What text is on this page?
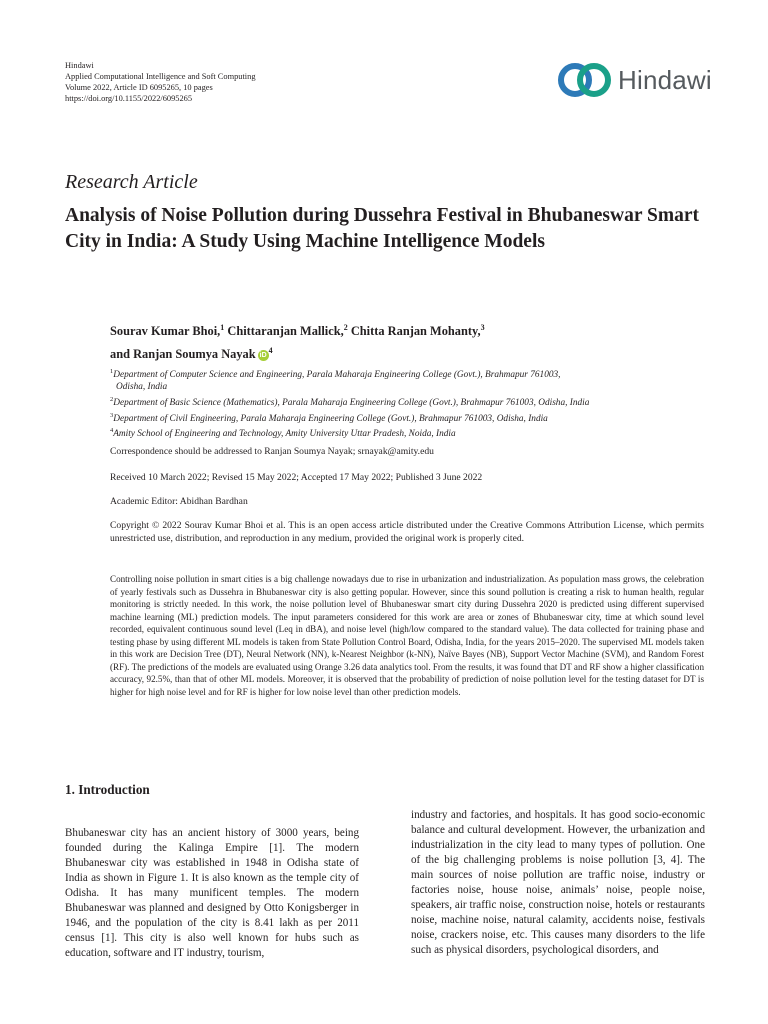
Hindawi
Applied Computational Intelligence and Soft Computing
Volume 2022, Article ID 6095265, 10 pages
https://doi.org/10.1155/2022/6095265
Hindawi
Research Article
Analysis of Noise Pollution during Dussehra Festival in Bhubaneswar Smart City in India: A Study Using Machine Intelligence Models
Sourav Kumar Bhoi,$^1$ Chittaranjan Mallick,$^2$ Chitta Ranjan Mohanty,$^3$
and Ranjan Soumya Nayak $iD^4$
$^1$Department of Computer Science and Engineering, Parala Maharaja Engineering College (Govt.), Brahmapur 761003,
Odisha, India
$^2$Department of Basic Science (Mathematics), Parala Maharaja Engineering College (Govt.), Brahmapur 761003, Odisha, India
$^3$Department of Civil Engineering, Parala Maharaja Engineering College (Govt.), Brahmapur 761003, Odisha, India
$^4$Amity School of Engineering and Technology, Amity University Uttar Pradesh, Noida, India
Correspondence should be addressed to Ranjan Soumya Nayak; srnayak@amity.edu
Received 10 March 2022; Revised 15 May 2022; Accepted 17 May 2022; Published 3 June 2022
Academic Editor: Abidhan Bardhan
Copyright © 2022 Sourav Kumar Bhoi et al. This is an open access article distributed under the Creative Commons Attribution License, which permits unrestricted use, distribution, and reproduction in any medium, provided the original work is properly cited.
Controlling noise pollution in smart cities is a big challenge nowadays due to rise in urbanization and industrialization. As population mass grows, the celebration of yearly festivals such as Dussehra in Bhubaneswar city is also getting popular. However, since this sound pollution is creating a risk to human health, regular monitoring is strictly needed. In this work, the noise pollution level of Bhubaneswar smart city during Dussehra 2020 is predicted using different supervised machine learning (ML) prediction models. The input parameters considered for this work are area or zones of Bhubaneswar city, time at which sound level recorded, equivalent continuous sound level (Leq in dBA), and noise level (high/low compared to the standard value). The data collected for training phase and testing phase by using different ML models is taken from State Pollution Control Board, Odisha, India, for the years 2015–2020. The supervised ML models taken in this work are Decision Tree (DT), Neural Network (NN), k-Nearest Neighbor (k-NN), Naïve Bayes (NB), Support Vector Machine (SVM), and Random Forest (RF). The predictions of the models are evaluated using Orange 3.26 data analytics tool. From the results, it was found that DT and RF show a higher classification accuracy, 92.5%, than that of other ML models. Moreover, it is observed that the probability of prediction of noise pollution level for the testing dataset for DT is higher for high noise level and for RF is higher for low noise level than other prediction models.
1. Introduction
Bhubaneswar city has an ancient history of 3000 years, being founded during the Kalinga Empire [1]. The modern Bhubaneswar city was established in 1948 in Odisha state of India as shown in Figure 1. It is also known as the temple city of Odisha. It has many munificent temples. The modern Bhubaneswar was planned and designed by Otto Konigsberger in 1946, and the population of the city is 8.41 lakh as per 2011 census [1]. This city is also well known for hubs such as education, software and IT industry, tourism,
industry and factories, and hospitals. It has good socio-economic balance and cultural development. However, the urbanization and industrialization in the city lead to many types of pollution. One of the big challenging problems is noise pollution [3, 4]. The main sources of noise pollution are traffic noise, industry or factories noise, house noise, animals’ noise, people noise, speakers, air traffic noise, construction noise, hotels or restaurants noise, machine noise, natural calamity, accidents noise, festivals noise, crackers noise, etc. This causes many disorders to the life such as physical disorders, psychological disorders, and
